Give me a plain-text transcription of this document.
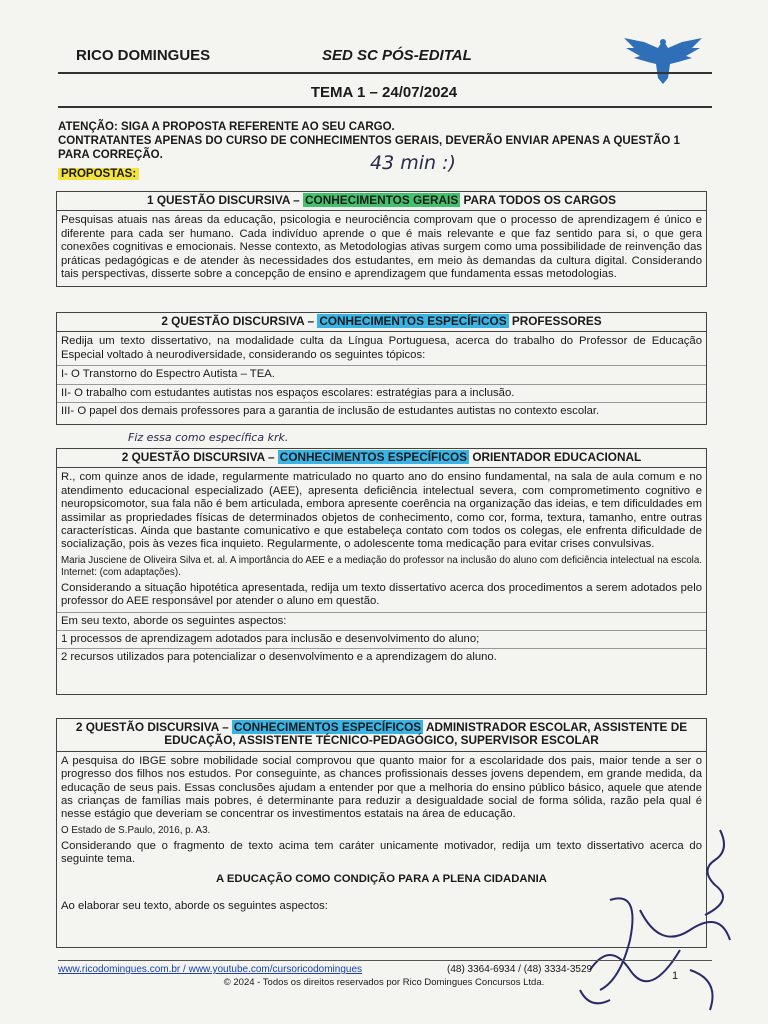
RICO DOMINGUES	SED SC PÓS-EDITAL
TEMA 1 – 24/07/2024
ATENÇÃO: SIGA A PROPOSTA REFERENTE AO SEU CARGO.
CONTRATANTES APENAS DO CURSO DE CONHECIMENTOS GERAIS, DEVERÃO ENVIAR APENAS A QUESTÃO 1 PARA CORREÇÃO.
PROPOSTAS:	43 min :)
1 QUESTÃO DISCURSIVA – CONHECIMENTOS GERAIS PARA TODOS OS CARGOS

Pesquisas atuais nas áreas da educação, psicologia e neurociência comprovam que o processo de aprendizagem é único e diferente para cada ser humano. Cada indivíduo aprende o que é mais relevante e que faz sentido para si, o que gera conexões cognitivas e emocionais. Nesse contexto, as Metodologias ativas surgem como uma possibilidade de reinvenção das práticas pedagógicas e de atender às necessidades dos estudantes, em meio às demandas da cultura digital. Considerando tais perspectivas, disserte sobre a concepção de ensino e aprendizagem que fundamenta essas metodologias.

2 QUESTÃO DISCURSIVA – CONHECIMENTOS ESPECÍFICOS PROFESSORES

Redija um texto dissertativo, na modalidade culta da Língua Portuguesa, acerca do trabalho do Professor de Educação Especial voltado à neurodiversidade, considerando os seguintes tópicos:

I- O Transtorno do Espectro Autista – TEA.
II- O trabalho com estudantes autistas nos espaços escolares: estratégias para a inclusão.
III- O papel dos demais professores para a garantia de inclusão de estudantes autistas no contexto escolar.
Fiz essa como específica krk.
2 QUESTÃO DISCURSIVA – CONHECIMENTOS ESPECÍFICOS ORIENTADOR EDUCACIONAL

R., com quinze anos de idade, regularmente matriculado no quarto ano do ensino fundamental, na sala de aula comum e no atendimento educacional especializado (AEE), apresenta deficiência intelectual severa, com comprometimento cognitivo e neuropsicomotor, sua fala não é bem articulada, embora apresente coerência na organização das ideias, e tem dificuldades em assimilar as propriedades físicas de determinados objetos de conhecimento, como cor, forma, textura, tamanho, entre outras características. Ainda que bastante comunicativo e que estabeleça contato com todos os colegas, ele enfrenta dificuldade de socialização, pois às vezes fica inquieto. Regularmente, o adolescente toma medicação para evitar crises convulsivas.

Maria Jusciene de Oliveira Silva et. al. A importância do AEE e a mediação do professor na inclusão do aluno com deficiência intelectual na escola. Internet: (com adaptações).

Considerando a situação hipotética apresentada, redija um texto dissertativo acerca dos procedimentos a serem adotados pelo professor do AEE responsável por atender o aluno em questão.

Em seu texto, aborde os seguintes aspectos:
1 processos de aprendizagem adotados para inclusão e desenvolvimento do aluno;
2 recursos utilizados para potencializar o desenvolvimento e a aprendizagem do aluno.
2 QUESTÃO DISCURSIVA – CONHECIMENTOS ESPECÍFICOS ADMINISTRADOR ESCOLAR, ASSISTENTE DE EDUCAÇÃO, ASSISTENTE TÉCNICO-PEDAGÓGICO, SUPERVISOR ESCOLAR

A pesquisa do IBGE sobre mobilidade social comprovou que quanto maior for a escolaridade dos pais, maior tende a ser o progresso dos filhos nos estudos. Por conseguinte, as chances profissionais desses jovens dependem, em grande medida, da educação de seus pais. Essas conclusões ajudam a entender por que a melhoria do ensino público básico, aquele que atende as crianças de famílias mais pobres, é determinante para reduzir a desigualdade social de forma sólida, razão pela qual é nesse estágio que deveriam se concentrar os investimentos estatais na área de educação.

O Estado de S.Paulo, 2016, p. A3.

Considerando que o fragmento de texto acima tem caráter unicamente motivador, redija um texto dissertativo acerca do seguinte tema.

A EDUCAÇÃO COMO CONDIÇÃO PARA A PLENA CIDADANIA

Ao elaborar seu texto, aborde os seguintes aspectos:

www.ricodomingues.com.br / www.youtube.com/cursoricodomingues	(48) 3364-6934 / (48) 3334-3529
© 2024 - Todos os direitos reservados por Rico Domingues Concursos Ltda.
1
